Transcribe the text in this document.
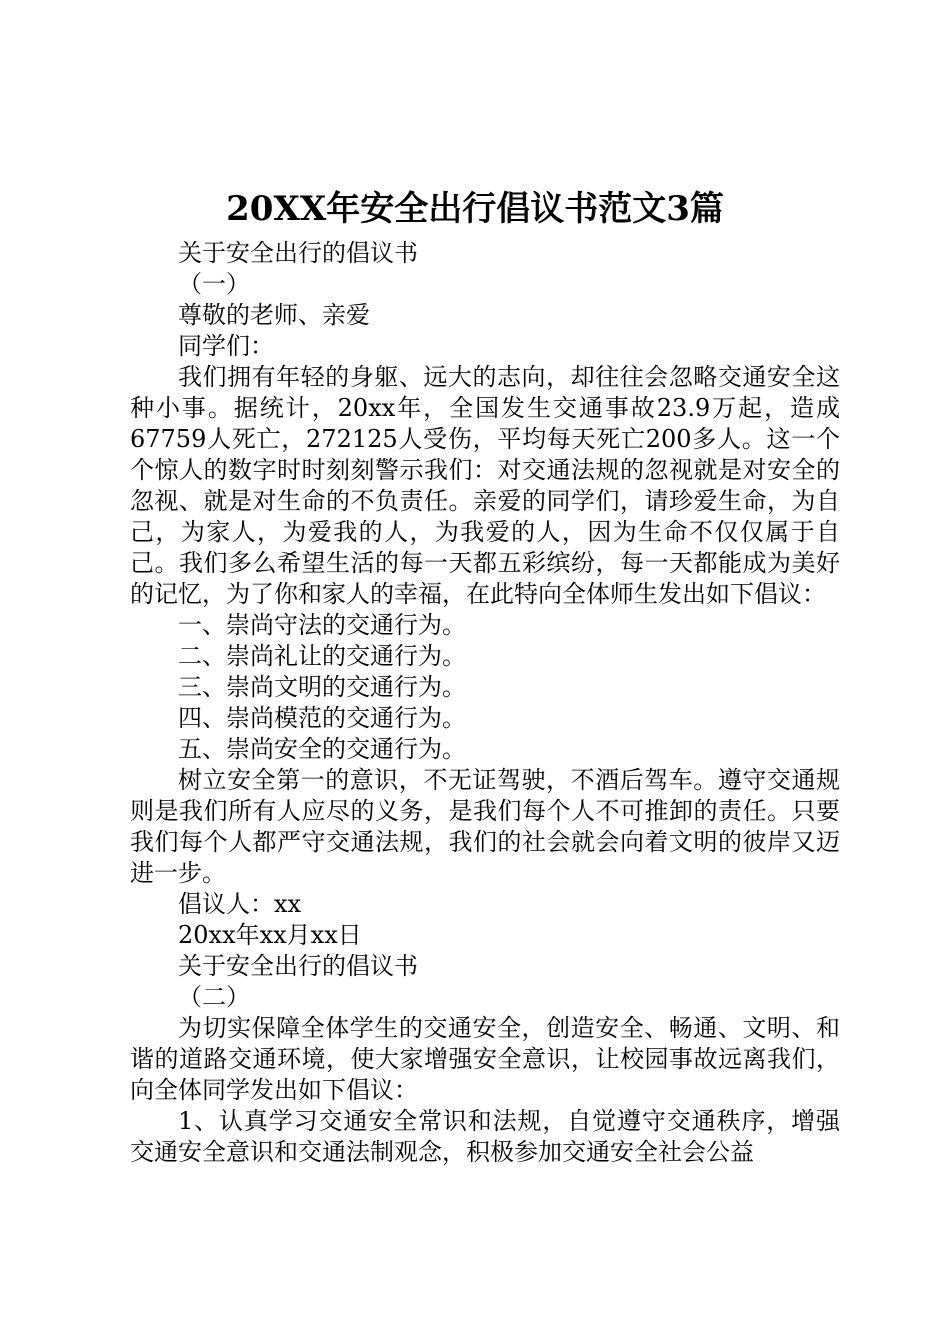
20XX年安全出行倡议书范文3篇

关于安全出行的倡议书

（一）

尊敬的老师、亲爱

同学们：

我们拥有年轻的身躯、远大的志向，却往往会忽略交通安全这种小事。据统计，20xx年，全国发生交通事故23.9万起，造成67759人死亡，272125人受伤，平均每天死亡200多人。这一个个惊人的数字时时刻刻警示我们：对交通法规的忽视就是对安全的忽视、就是对生命的不负责任。亲爱的同学们，请珍爱生命，为自己，为家人，为爱我的人，为我爱的人，因为生命不仅仅属于自己。我们多么希望生活的每一天都五彩缤纷，每一天都能成为美好的记忆，为了你和家人的幸福，在此特向全体师生发出如下倡议：

一、崇尚守法的交通行为。

二、崇尚礼让的交通行为。

三、崇尚文明的交通行为。

四、崇尚模范的交通行为。

五、崇尚安全的交通行为。

树立安全第一的意识，不无证驾驶，不酒后驾车。遵守交通规则是我们所有人应尽的义务，是我们每个人不可推卸的责任。只要我们每个人都严守交通法规，我们的社会就会向着文明的彼岸又迈进一步。

倡议人：xx

20xx年xx月xx日

关于安全出行的倡议书

（二）

为切实保障全体学生的交通安全，创造安全、畅通、文明、和谐的道路交通环境，使大家增强安全意识，让校园事故远离我们，向全体同学发出如下倡议：

1、认真学习交通安全常识和法规，自觉遵守交通秩序，增强交通安全意识和交通法制观念，积极参加交通安全社会公益
